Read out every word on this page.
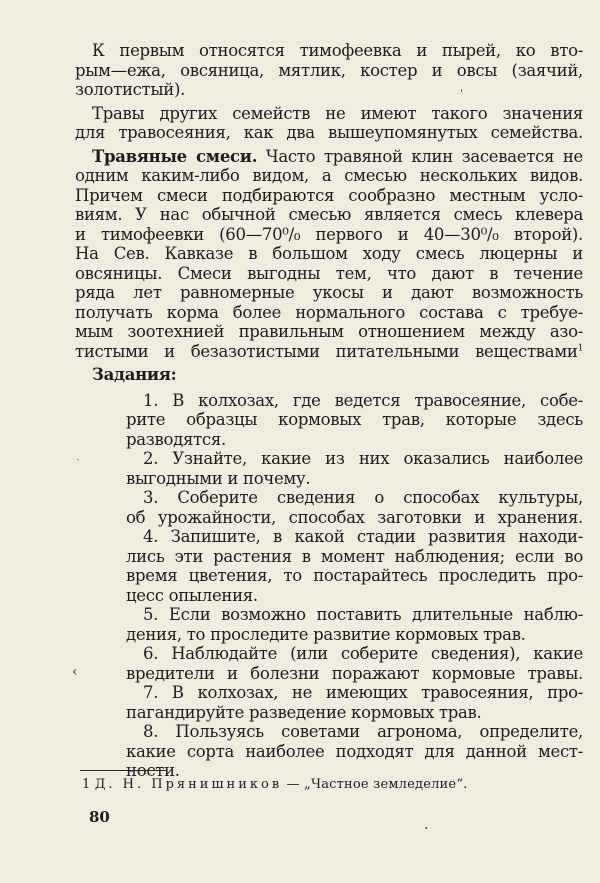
К первым относятся тимофеевка и пырей, ко вто-
рым—ежа, овсяница, мятлик, костер и овсы (заячий,
золотистый).
Травы других семейств не имеют такого значения
для травосеяния, как два вышеупомянутых семейства.
Травяные смеси. Часто травяной клин засевается не
одним каким-либо видом, а смесью нескольких видов.
Причем смеси подбираются сообразно местным усло-
виям. У нас обычной смесью является смесь клевера
и тимофеевки (60—70⁰/₀ первого и 40—30⁰/₀ второй).
На Сев. Кавказе в большом ходу смесь люцерны и
овсяницы. Смеси выгодны тем, что дают в течение
ряда лет равномерные укосы и дают возможность
получать корма более нормального состава с требуе-
мым зоотехнией правильным отношением между азо-
тистыми и безазотистыми питательными веществами$^1$
Задания:
1. В колхозах, где ведется травосеяние, собе-
рите образцы кормовых трав, которые здесь
разводятся.
2. Узнайте, какие из них оказались наиболее
выгодными и почему.
3. Соберите сведения о способах культуры,
об урожайности, способах заготовки и хранения.
4. Запишите, в какой стадии развития находи-
лись эти растения в момент наблюдения; если во
время цветения, то постарайтесь проследить про-
цесс опыления.
5. Если возможно поставить длительные наблю-
дения, то проследите развитие кормовых трав.
6. Наблюдайте (или соберите сведения), какие
вредители и болезни поражают кормовые травы.
7. В колхозах, не имеющих травосеяния, про-
пагандируйте разведение кормовых трав.
8. Пользуясь советами агронома, определите,
какие сорта наиболее подходят для данной мест-
ности.
1 Д. Н. Прянишников — „Частное земледелие“.
80
ˎ
‹
·
ˈ
